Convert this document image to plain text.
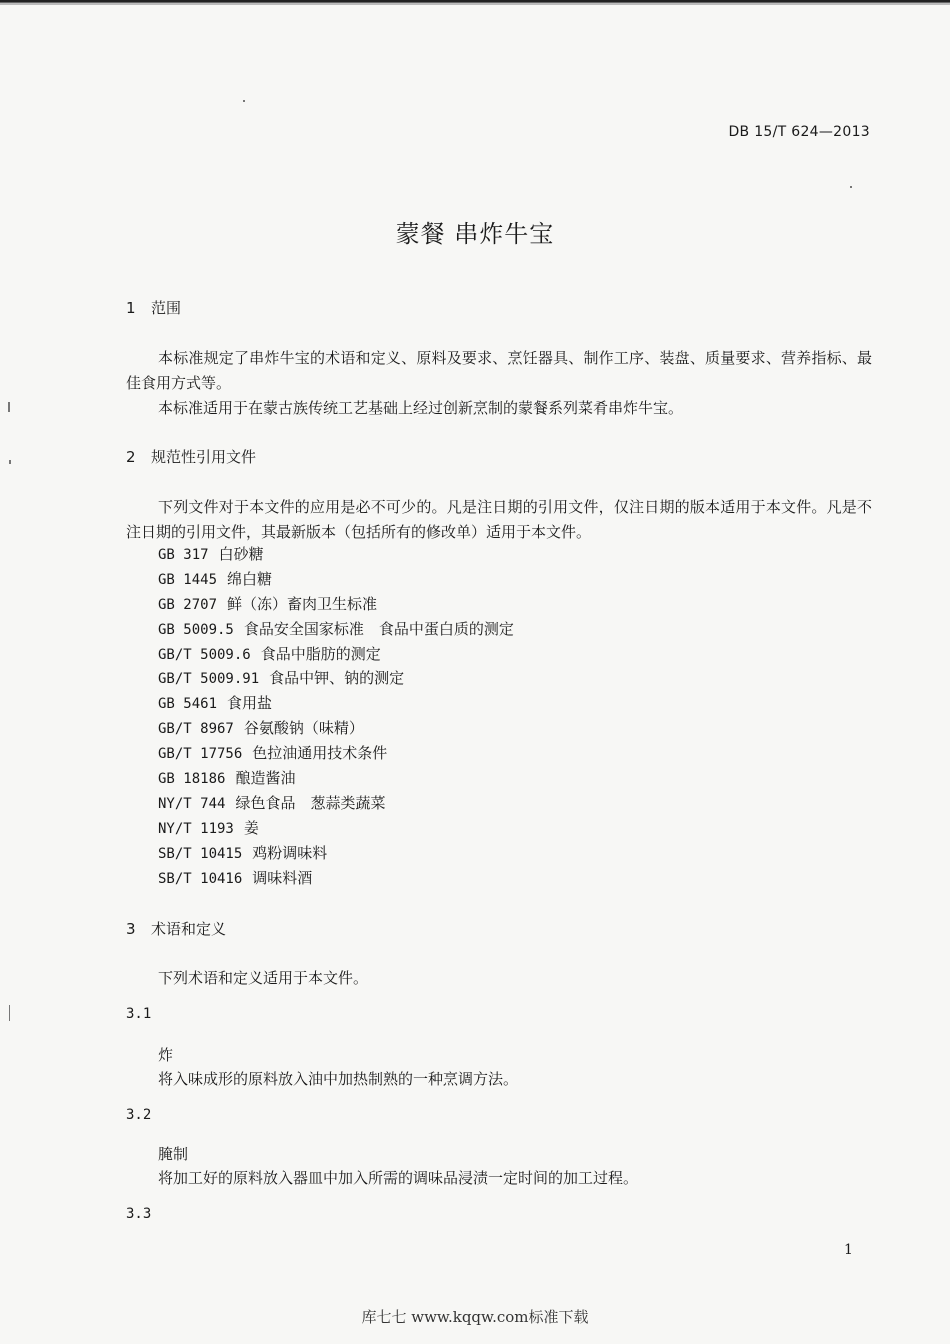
DB 15/T 624—2013
蒙餐 串炸牛宝
1 范围
本标准规定了串炸牛宝的术语和定义、原料及要求、烹饪器具、制作工序、装盘、质量要求、营养指标、最佳食用方式等。
本标准适用于在蒙古族传统工艺基础上经过创新烹制的蒙餐系列菜肴串炸牛宝。
2 规范性引用文件
下列文件对于本文件的应用是必不可少的。凡是注日期的引用文件，仅注日期的版本适用于本文件。凡是不注日期的引用文件，其最新版本（包括所有的修改单）适用于本文件。
GB 317 白砂糖
GB 1445 绵白糖
GB 2707 鲜（冻）畜肉卫生标准
GB 5009.5 食品安全国家标准　食品中蛋白质的测定
GB/T 5009.6 食品中脂肪的测定
GB/T 5009.91 食品中钾、钠的测定
GB 5461 食用盐
GB/T 8967 谷氨酸钠（味精）
GB/T 17756 色拉油通用技术条件
GB 18186 酿造酱油
NY/T 744 绿色食品　葱蒜类蔬菜
NY/T 1193 姜
SB/T 10415 鸡粉调味料
SB/T 10416 调味料酒
3 术语和定义
下列术语和定义适用于本文件。
3.1
炸
将入味成形的原料放入油中加热制熟的一种烹调方法。
3.2
腌制
将加工好的原料放入器皿中加入所需的调味品浸渍一定时间的加工过程。
3.3
1
库七七 www.kqqw.com标准下载
